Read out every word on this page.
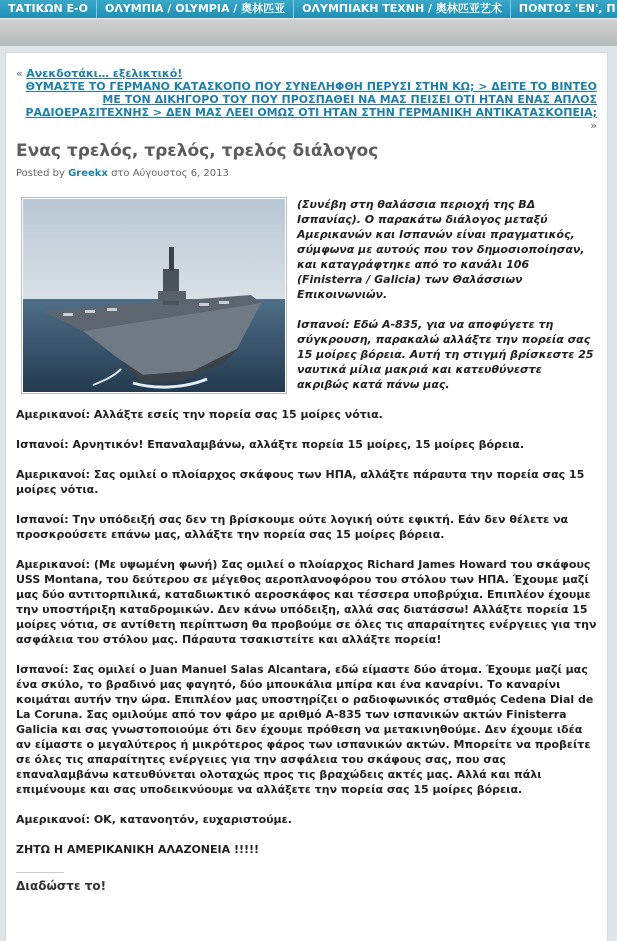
ΤΑΤΙΚΩΝ Ε-Ο ΟΛΥΜΠΙΑ / OLYMPIA / 奥林匹亚 ΟΛΥΜΠΙΑΚΗ ΤΕΧΝΗ / 奥林匹亚艺术 ΠΟΝΤΟΣ 'ΕΝ', Π
« Ανεκδοτάκι… εξελικτικό!
ΘΥΜΑΣΤΕ ΤΟ ΓΕΡΜΑΝΟ ΚΑΤΑΣΚΟΠΟ ΠΟΥ ΣΥΝΕΛΗΦΘΗ ΠΕΡΥΣΙ ΣΤΗΝ ΚΩ; > ΔΕΙΤΕ ΤΟ ΒΙΝΤΕΟ ΜΕ ΤΟΝ ΔΙΚΗΓΟΡΟ ΤΟΥ ΠΟΥ ΠΡΟΣΠΑΘΕΙ ΝΑ ΜΑΣ ΠΕΙΣΕΙ ΟΤΙ ΗΤΑΝ ΕΝΑΣ ΑΠΛΟΣ ΡΑΔΙΟΕΡΑΣΙΤΕΧΝΗΣ > ΔΕΝ ΜΑΣ ΛΕΕΙ ΟΜΩΣ ΟΤΙ ΗΤΑΝ ΣΤΗΝ ΓΕΡΜΑΝΙΚΗ ΑΝΤΙΚΑΤΑΣΚΟΠΕΙΑ; »
Ενας τρελός, τρελός, τρελός διάλογος
Posted by Greekx στο Αύγουστος 6, 2013

(Συνέβη στη θαλάσσια περιοχή της ΒΔ Ισπανίας). Ο παρακάτω διάλογος μεταξύ Αμερικανών και Ισπανών είναι πραγματικός, σύμφωνα με αυτούς που τον δημοσιοποίησαν, και καταγράφτηκε από το κανάλι 106 (Finisterra / Galicia) των Θαλάσσιων Επικοινωνιών.

Ισπανοί: Εδώ Α-835, για να αποφύγετε τη σύγκρουση, παρακαλώ αλλάξτε την πορεία σας 15 μοίρες βόρεια. Αυτή τη στιγμή βρίσκεστε 25 ναυτικά μίλια μακριά και κατευθύνεστε ακριβώς κατά πάνω μας.

Αμερικανοί: Αλλάξτε εσείς την πορεία σας 15 μοίρες νότια.

Ισπανοί: Αρνητικόν! Επαναλαμβάνω, αλλάξτε πορεία 15 μοίρες, 15 μοίρες βόρεια.

Αμερικανοί: Σας ομιλεί ο πλοίαρχος σκάφους των ΗΠΑ, αλλάξτε πάραυτα την πορεία σας 15 μοίρες νότια.

Ισπανοί: Την υπόδειξή σας δεν τη βρίσκουμε ούτε λογική ούτε εφικτή. Εάν δεν θέλετε να προσκρούσετε επάνω μας, αλλάξτε την πορεία σας 15 μοίρες βόρεια.

Αμερικανοί: (Με υψωμένη φωνή) Σας ομιλεί ο πλοίαρχος Richard James Howard του σκάφους USS Montana, του δεύτερου σε μέγεθος αεροπλανοφόρου του στόλου των ΗΠΑ. Έχουμε μαζί μας δύο αντιτορπιλικά, καταδιωκτικό αεροσκάφος και τέσσερα υποβρύχια. Επιπλέον έχουμε την υποστήριξη καταδρομικών. Δεν κάνω υπόδειξη, αλλά σας διατάσσω! Αλλάξτε πορεία 15 μοίρες νότια, σε αντίθετη περίπτωση θα προβούμε σε όλες τις απαραίτητες ενέργειες για την ασφάλεια του στόλου μας. Πάραυτα τσακιστείτε και αλλάξτε πορεία!

Ισπανοί: Σας ομιλεί ο Juan Manuel Salas Alcantara, εδώ είμαστε δύο άτομα. Έχουμε μαζί μας ένα σκύλο, το βραδινό μας φαγητό, δύο μπουκάλια μπίρα και ένα καναρίνι. Το καναρίνι κοιμάται αυτήν την ώρα. Επιπλέον μας υποστηρίζει ο ραδιοφωνικός σταθμός Cedena Dial de La Coruna. Σας ομιλούμε από τον φάρο με αριθμό Α-835 των ισπανικών ακτών Finisterra Galicia και σας γνωστοποιούμε ότι δεν έχουμε πρόθεση να μετακινηθούμε. Δεν έχουμε ιδέα αν είμαστε ο μεγαλύτερος ή μικρότερος φάρος των ισπανικών ακτών. Μπορείτε να προβείτε σε όλες τις απαραίτητες ενέργειες για την ασφάλεια του σκάφους σας, που σας επαναλαμβάνω κατευθύνεται ολοταχώς προς τις βραχώδεις ακτές μας. Αλλά και πάλι επιμένουμε και σας υποδεικνύουμε να αλλάξετε την πορεία σας 15 μοίρες βόρεια.

Αμερικανοί: ΟΚ, κατανοητόν, ευχαριστούμε.

ΖΗΤΩ Η ΑΜΕΡΙΚΑΝΙΚΗ ΑΛΑΖΟΝΕΙΑ !!!!!

Διαδώστε το!
